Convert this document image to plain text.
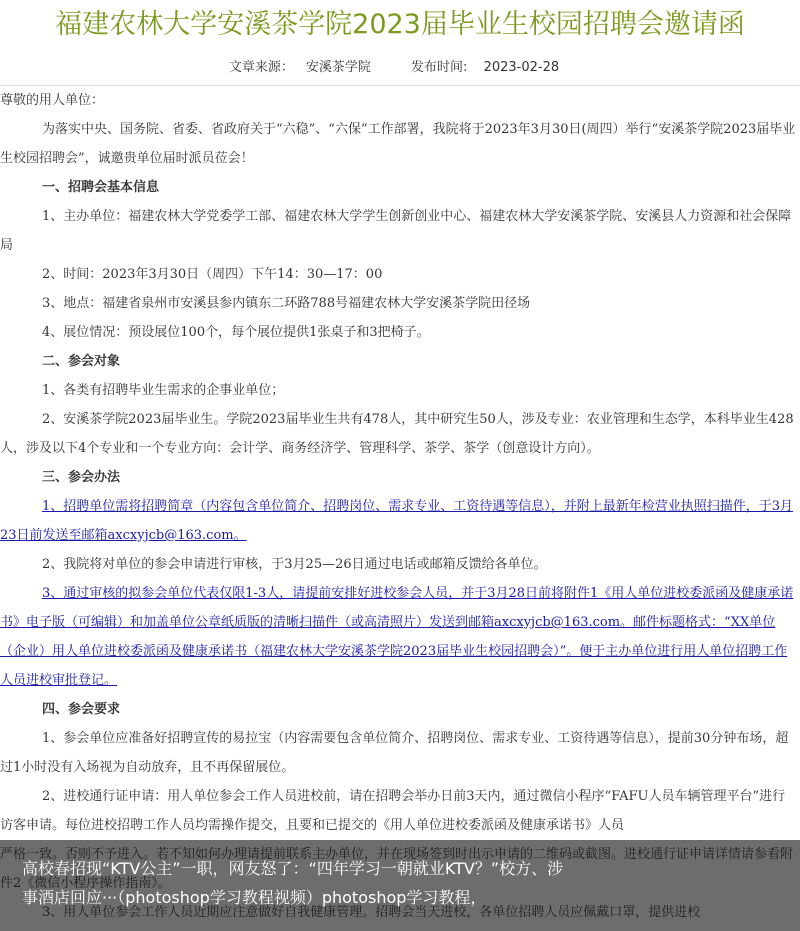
福建农林大学安溪茶学院2023届毕业生校园招聘会邀请函
文章来源： 安溪茶学院	发布时间: 2023-02-28

尊敬的用人单位：

为落实中央、国务院、省委、省政府关于“六稳”、“六保”工作部署，我院将于2023年3月30日(周四）举行“安溪茶学院2023届毕业生校园招聘会”，诚邀贵单位届时派员莅会！

一、招聘会基本信息

1、主办单位：福建农林大学党委学工部、福建农林大学学生创新创业中心、福建农林大学安溪茶学院、安溪县人力资源和社会保障局

2、时间：2023年3月30日（周四）下午14：30—17：00

3、地点：福建省泉州市安溪县参内镇东二环路788号福建农林大学安溪茶学院田径场

4、展位情况：预设展位100个，每个展位提供1张桌子和3把椅子。

二、参会对象

1、各类有招聘毕业生需求的企事业单位；

2、安溪茶学院2023届毕业生。学院2023届毕业生共有478人，其中研究生50人，涉及专业：农业管理和生态学，本科毕业生428人，涉及以下4个专业和一个专业方向：会计学、商务经济学、管理科学、茶学、茶学（创意设计方向）。

三、参会办法

1、招聘单位需将招聘简章（内容包含单位简介、招聘岗位、需求专业、工资待遇等信息），并附上最新年检营业执照扫描件，于3月23日前发送至邮箱axcxyjcb@163.com。

2、我院将对单位的参会申请进行审核，于3月25—26日通过电话或邮箱反馈给各单位。

3、通过审核的拟参会单位代表仅限1-3人，请提前安排好进校参会人员，并于3月28日前将附件1《用人单位进校委派函及健康承诺书》电子版（可编辑）和加盖单位公章纸质版的清晰扫描件（或高清照片）发送到邮箱axcxyjcb@163.com。邮件标题格式：“XX单位（企业）用人单位进校委派函及健康承诺书（福建农林大学安溪茶学院2023届毕业生校园招聘会）”。便于主办单位进行用人单位招聘工作人员进校审批登记。

四、参会要求

1、参会单位应准备好招聘宣传的易拉宝（内容需要包含单位简介、招聘岗位、需求专业、工资待遇等信息），提前30分钟布场，超过1小时没有入场视为自动放弃，且不再保留展位。

2、进校通行证申请：用人单位参会工作人员进校前，请在招聘会举办日前3天内，通过微信小程序“FAFU人员车辆管理平台”进行访客申请。每位进校招聘工作人员均需操作提交，且要和已提交的《用人单位进校委派函及健康承诺书》人员

高校春招现“KTV公主”一职，网友怒了：“四年学习一朝就业KTV？”校方、涉
事酒店回应···（photoshop学习教程视频）photoshop学习教程，
